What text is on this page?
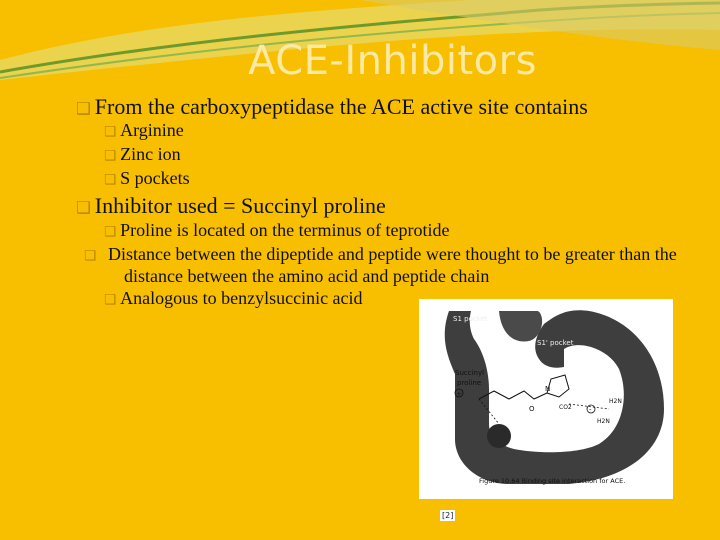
ACE-Inhibitors
❑ From the carboxypeptidase the ACE active site contains
❑ Arginine
❑ Zinc ion
❑ S pockets
❑ Inhibitor used = Succinyl proline
❑ Proline is located on the terminus of teprotide
❑ Distance between the dipeptide and peptide were thought to be greater than the distance between the amino acid and peptide chain
❑ Analogous to benzylsuccinic acid
S1 pocket
S1' pocket
Succinyl
proline
N
O	CO2
H2N
H2N
-
+
Figure 10.64 Binding site interaction for ACE.
[2]
